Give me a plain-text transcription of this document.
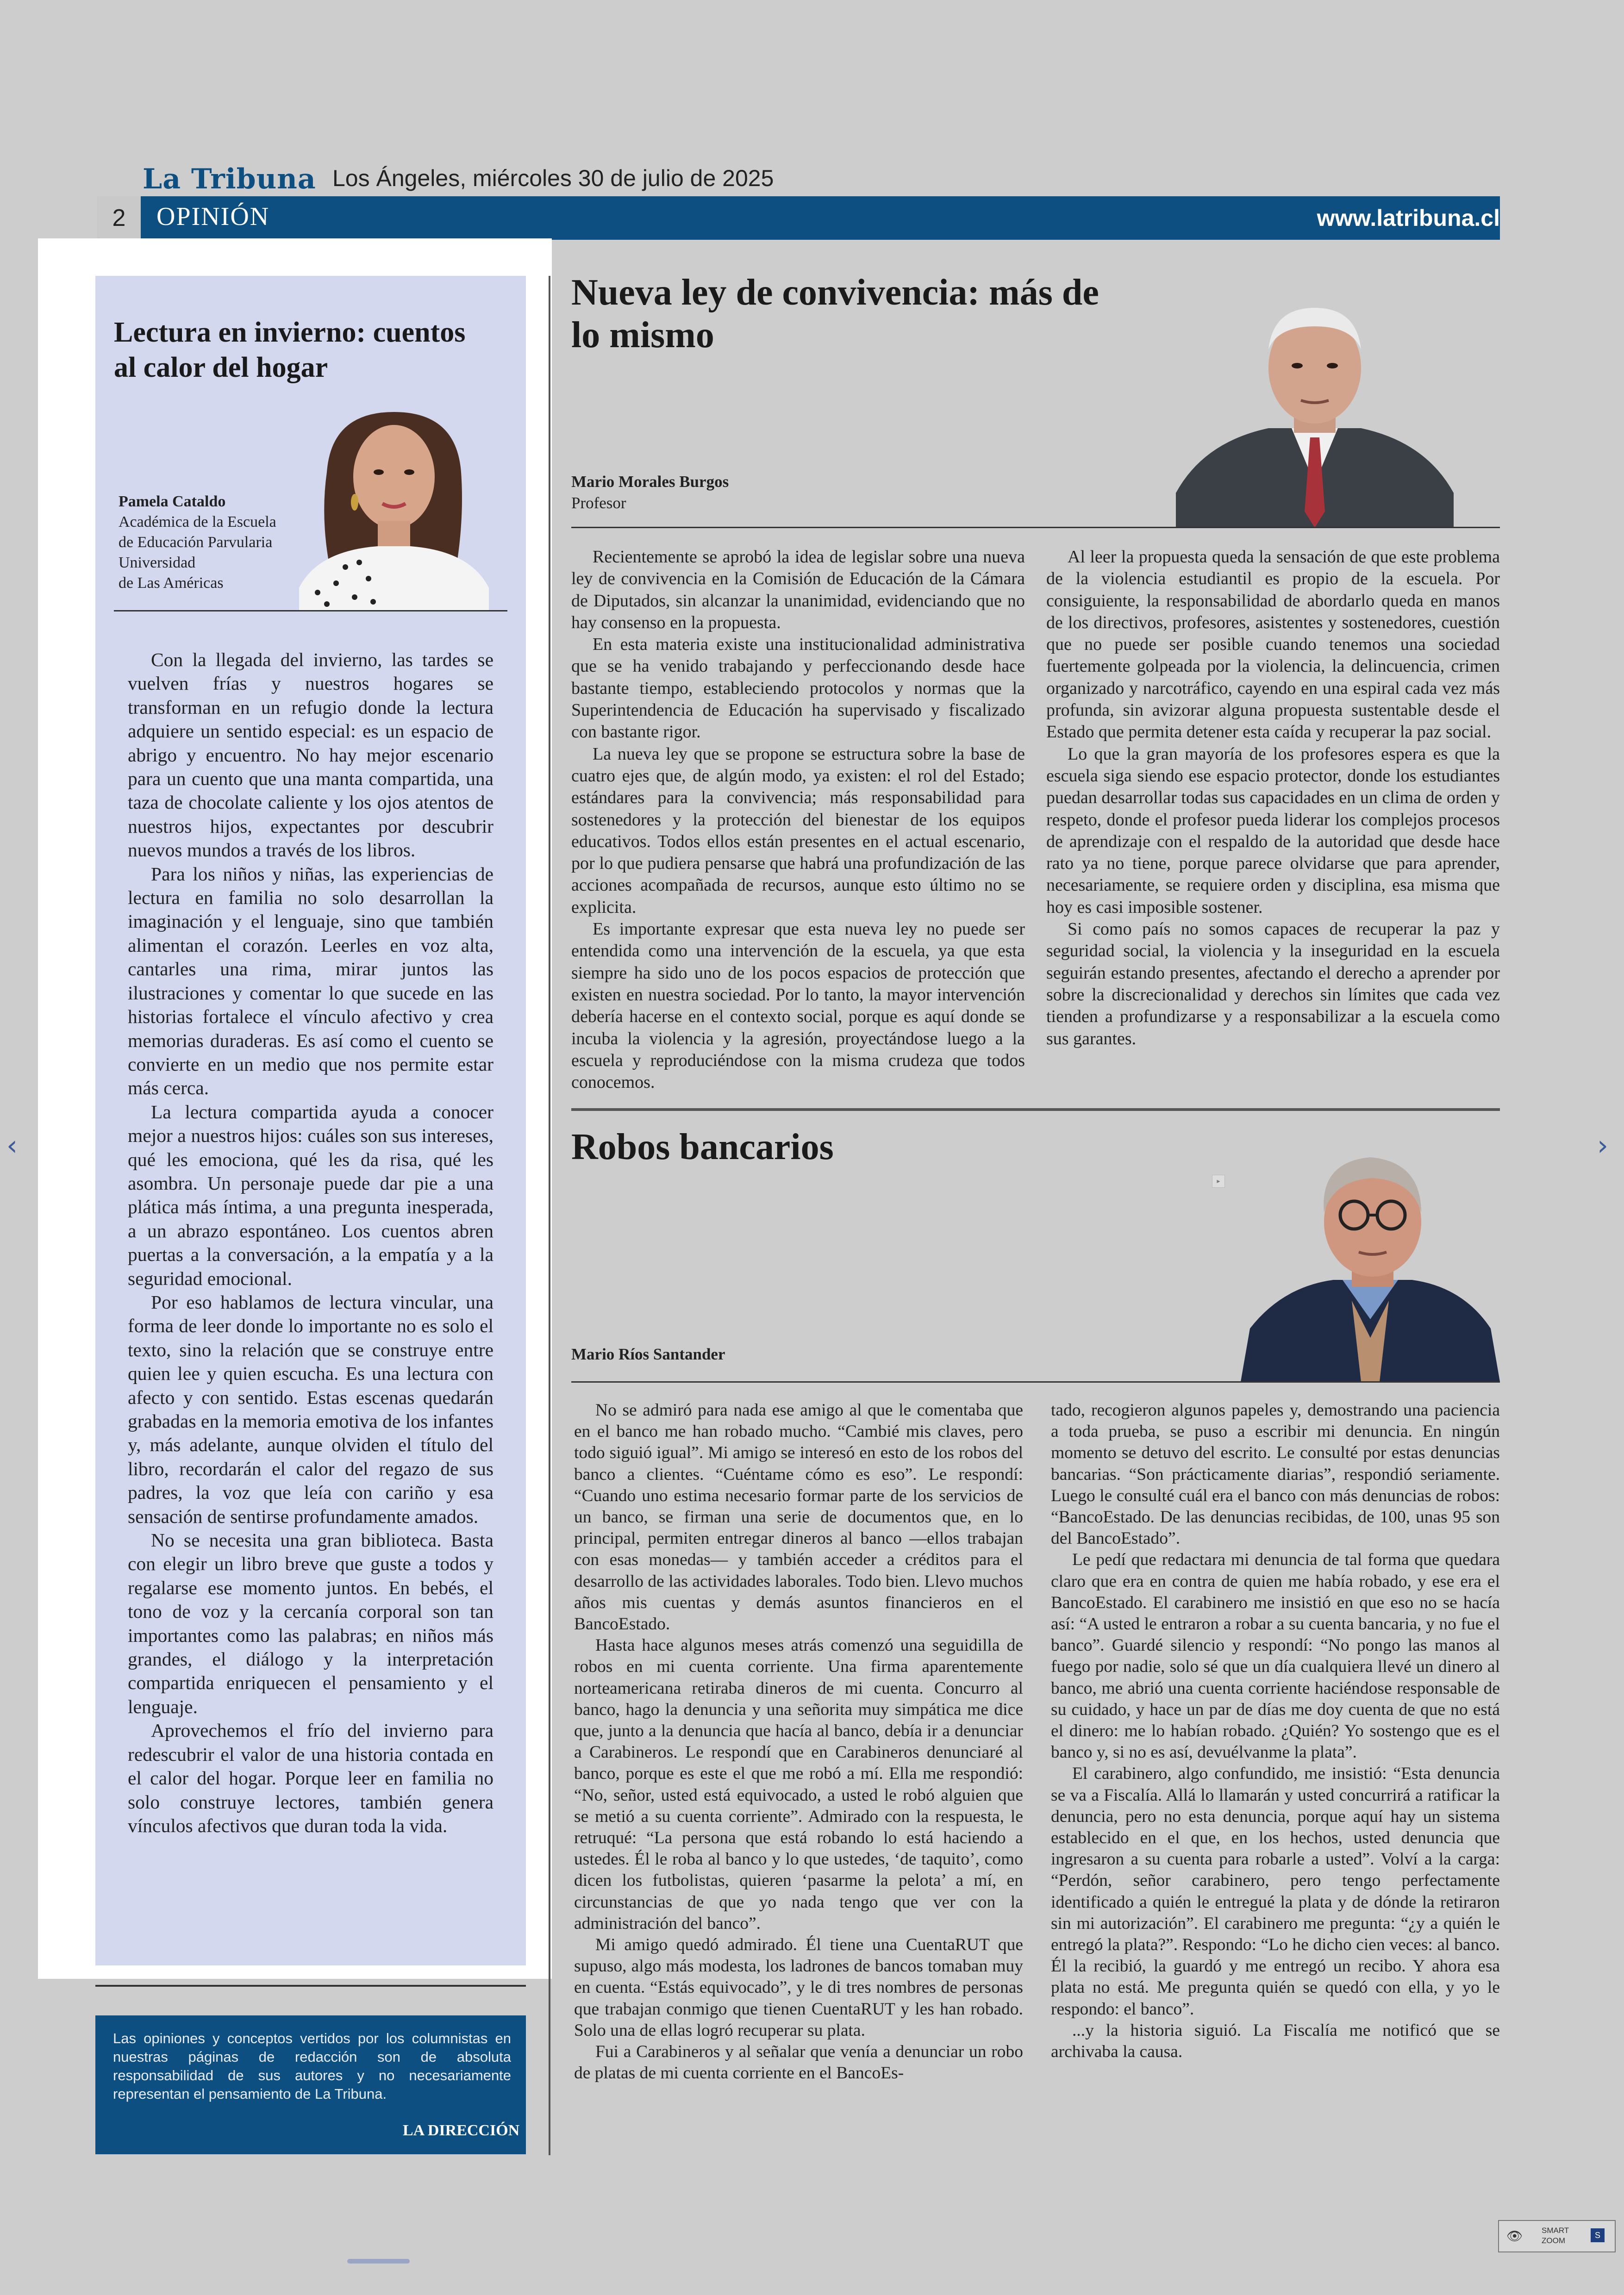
La Tribuna Los Ángeles, miércoles 30 de julio de 2025
2	OPINIÓN	www.latribuna.cl
Lectura en invierno: cuentos al calor del hogar
Pamela Cataldo
Académica de la Escuela
de Educación Parvularia
Universidad
de Las Américas

Con la llegada del invierno, las tardes se vuelven frías y nuestros hogares se transforman en un refugio donde la lectura adquiere un sentido especial: es un espacio de abrigo y encuentro. No hay mejor escenario para un cuento que una manta compartida, una taza de chocolate caliente y los ojos atentos de nuestros hijos, expectantes por descubrir nuevos mundos a través de los libros.

Para los niños y niñas, las experiencias de lectura en familia no solo desarrollan la imaginación y el lenguaje, sino que también alimentan el corazón. Leerles en voz alta, cantarles una rima, mirar juntos las ilustraciones y comentar lo que sucede en las historias fortalece el vínculo afectivo y crea memorias duraderas. Es así como el cuento se convierte en un medio que nos permite estar más cerca.

La lectura compartida ayuda a conocer mejor a nuestros hijos: cuáles son sus intereses, qué les emociona, qué les da risa, qué les asombra. Un personaje puede dar pie a una plática más íntima, a una pregunta inesperada, a un abrazo espontáneo. Los cuentos abren puertas a la conversación, a la empatía y a la seguridad emocional.

Por eso hablamos de lectura vincular, una forma de leer donde lo importante no es solo el texto, sino la relación que se construye entre quien lee y quien escucha. Es una lectura con afecto y con sentido. Estas escenas quedarán grabadas en la memoria emotiva de los infantes y, más adelante, aunque olviden el título del libro, recordarán el calor del regazo de sus padres, la voz que leía con cariño y esa sensación de sentirse profundamente amados.

No se necesita una gran biblioteca. Basta con elegir un libro breve que guste a todos y regalarse ese momento juntos. En bebés, el tono de voz y la cercanía corporal son tan importantes como las palabras; en niños más grandes, el diálogo y la interpretación compartida enriquecen el pensamiento y el lenguaje.

Aprovechemos el frío del invierno para redescubrir el valor de una historia contada en el calor del hogar. Porque leer en familia no solo construye lectores, también genera vínculos afectivos que duran toda la vida.

Las opiniones y conceptos vertidos por los columnistas en nuestras páginas de redacción son de absoluta responsabilidad de sus autores y no necesariamente representan el pensamiento de La Tribuna.
LA DIRECCIÓN
Nueva ley de convivencia: más de lo mismo
Mario Morales Burgos
Profesor

Recientemente se aprobó la idea de legislar sobre una nueva ley de convivencia en la Comisión de Educación de la Cámara de Diputados, sin alcanzar la unanimidad, evidenciando que no hay consenso en la propuesta.

En esta materia existe una institucionalidad administrativa que se ha venido trabajando y perfeccionando desde hace bastante tiempo, estableciendo protocolos y normas que la Superintendencia de Educación ha supervisado y fiscalizado con bastante rigor.

La nueva ley que se propone se estructura sobre la base de cuatro ejes que, de algún modo, ya existen: el rol del Estado; estándares para la convivencia; más responsabilidad para sostenedores y la protección del bienestar de los equipos educativos. Todos ellos están presentes en el actual escenario, por lo que pudiera pensarse que habrá una profundización de las acciones acompañada de recursos, aunque esto último no se explicita.

Es importante expresar que esta nueva ley no puede ser entendida como una intervención de la escuela, ya que esta siempre ha sido uno de los pocos espacios de protección que existen en nuestra sociedad. Por lo tanto, la mayor intervención debería hacerse en el contexto social, porque es aquí donde se incuba la violencia y la agresión, proyectándose luego a la escuela y reproduciéndose con la misma crudeza que todos conocemos.

Al leer la propuesta queda la sensación de que este problema de la violencia estudiantil es propio de la escuela. Por consiguiente, la responsabilidad de abordarlo queda en manos de los directivos, profesores, asistentes y sostenedores, cuestión que no puede ser posible cuando tenemos una sociedad fuertemente golpeada por la violencia, la delincuencia, crimen organizado y narcotráfico, cayendo en una espiral cada vez más profunda, sin avizorar alguna propuesta sustentable desde el Estado que permita detener esta caída y recuperar la paz social.

Lo que la gran mayoría de los profesores espera es que la escuela siga siendo ese espacio protector, donde los estudiantes puedan desarrollar todas sus capacidades en un clima de orden y respeto, donde el profesor pueda liderar los complejos procesos de aprendizaje con el respaldo de la autoridad que desde hace rato ya no tiene, porque parece olvidarse que para aprender, necesariamente, se requiere orden y disciplina, esa misma que hoy es casi imposible sostener.

Si como país no somos capaces de recuperar la paz y seguridad social, la violencia y la inseguridad en la escuela seguirán estando presentes, afectando el derecho a aprender por sobre la discrecionalidad y derechos sin límites que cada vez tienden a profundizarse y a responsabilizar a la escuela como sus garantes.

Robos bancarios
▸
Mario Ríos Santander

No se admiró para nada ese amigo al que le comentaba que en el banco me han robado mucho. “Cambié mis claves, pero todo siguió igual”. Mi amigo se interesó en esto de los robos del banco a clientes. “Cuéntame cómo es eso”. Le respondí: “Cuando uno estima necesario formar parte de los servicios de un banco, se firman una serie de documentos que, en lo principal, permiten entregar dineros al banco —ellos trabajan con esas monedas— y también acceder a créditos para el desarrollo de las actividades laborales. Todo bien. Llevo muchos años mis cuentas y demás asuntos financieros en el BancoEstado.

Hasta hace algunos meses atrás comenzó una seguidilla de robos en mi cuenta corriente. Una firma aparentemente norteamericana retiraba dineros de mi cuenta. Concurro al banco, hago la denuncia y una señorita muy simpática me dice que, junto a la denuncia que hacía al banco, debía ir a denunciar a Carabineros. Le respondí que en Carabineros denunciaré al banco, porque es este el que me robó a mí. Ella me respondió: “No, señor, usted está equivocado, a usted le robó alguien que se metió a su cuenta corriente”. Admirado con la respuesta, le retruqué: “La persona que está robando lo está haciendo a ustedes. Él le roba al banco y lo que ustedes, ‘de taquito’, como dicen los futbolistas, quieren ‘pasarme la pelota’ a mí, en circunstancias de que yo nada tengo que ver con la administración del banco”.

Mi amigo quedó admirado. Él tiene una CuentaRUT que supuso, algo más modesta, los ladrones de bancos tomaban muy en cuenta. “Estás equivocado”, y le di tres nombres de personas que trabajan conmigo que tienen CuentaRUT y les han robado. Solo una de ellas logró recuperar su plata.

Fui a Carabineros y al señalar que venía a denunciar un robo de platas de mi cuenta corriente en el BancoEs-

tado, recogieron algunos papeles y, demostrando una paciencia a toda prueba, se puso a escribir mi denuncia. En ningún momento se detuvo del escrito. Le consulté por estas denuncias bancarias. “Son prácticamente diarias”, respondió seriamente. Luego le consulté cuál era el banco con más denuncias de robos: “BancoEstado. De las denuncias recibidas, de 100, unas 95 son del BancoEstado”.

Le pedí que redactara mi denuncia de tal forma que quedara claro que era en contra de quien me había robado, y ese era el BancoEstado. El carabinero me insistió en que eso no se hacía así: “A usted le entraron a robar a su cuenta bancaria, y no fue el banco”. Guardé silencio y respondí: “No pongo las manos al fuego por nadie, solo sé que un día cualquiera llevé un dinero al banco, me abrió una cuenta corriente haciéndose responsable de su cuidado, y hace un par de días me doy cuenta de que no está el dinero: me lo habían robado. ¿Quién? Yo sostengo que es el banco y, si no es así, devuélvanme la plata”.

El carabinero, algo confundido, me insistió: “Esta denuncia se va a Fiscalía. Allá lo llamarán y usted concurrirá a ratificar la denuncia, pero no esta denuncia, porque aquí hay un sistema establecido en el que, en los hechos, usted denuncia que ingresaron a su cuenta para robarle a usted”. Volví a la carga: “Perdón, señor carabinero, pero tengo perfectamente identificado a quién le entregué la plata y de dónde la retiraron sin mi autorización”. El carabinero me pregunta: “¿y a quién le entregó la plata?”. Respondo: “Lo he dicho cien veces: al banco. Él la recibió, la guardó y me entregó un recibo. Y ahora esa plata no está. Me pregunta quién se quedó con ella, y yo le respondo: el banco”.

...y la historia siguió. La Fiscalía me notificó que se archivaba la causa.

‹	›
👁 SMART ZOOM
S
